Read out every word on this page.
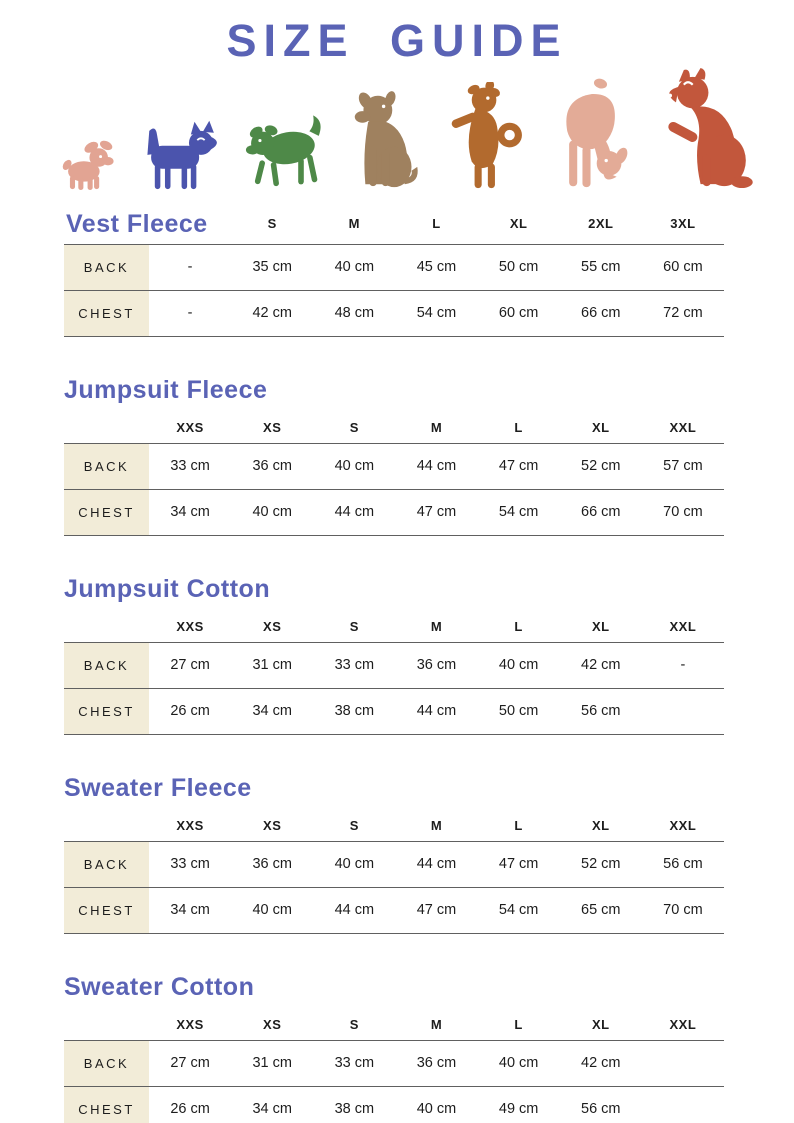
SIZE GUIDE
Vest Fleece	S	M	L	XL	2XL	3XL
BACK	-	35 cm	40 cm	45 cm	50 cm	55 cm	60 cm
CHEST	-	42 cm	48 cm	54 cm	60 cm	66 cm	72 cm
Jumpsuit Fleece
XXS	XS	S	M	L	XL	XXL
BACK	33 cm	36 cm	40 cm	44 cm	47 cm	52 cm	57 cm
CHEST	34 cm	40 cm	44 cm	47 cm	54 cm	66 cm	70 cm
Jumpsuit Cotton
XXS	XS	S	M	L	XL	XXL
BACK	27 cm	31 cm	33 cm	36 cm	40 cm	42 cm	-
CHEST	26 cm	34 cm	38 cm	44 cm	50 cm	56 cm
Sweater Fleece
XXS	XS	S	M	L	XL	XXL
BACK	33 cm	36 cm	40 cm	44 cm	47 cm	52 cm	56 cm
CHEST	34 cm	40 cm	44 cm	47 cm	54 cm	65 cm	70 cm
Sweater Cotton
XXS	XS	S	M	L	XL	XXL
BACK	27 cm	31 cm	33 cm	36 cm	40 cm	42 cm
CHEST	26 cm	34 cm	38 cm	40 cm	49 cm	56 cm
